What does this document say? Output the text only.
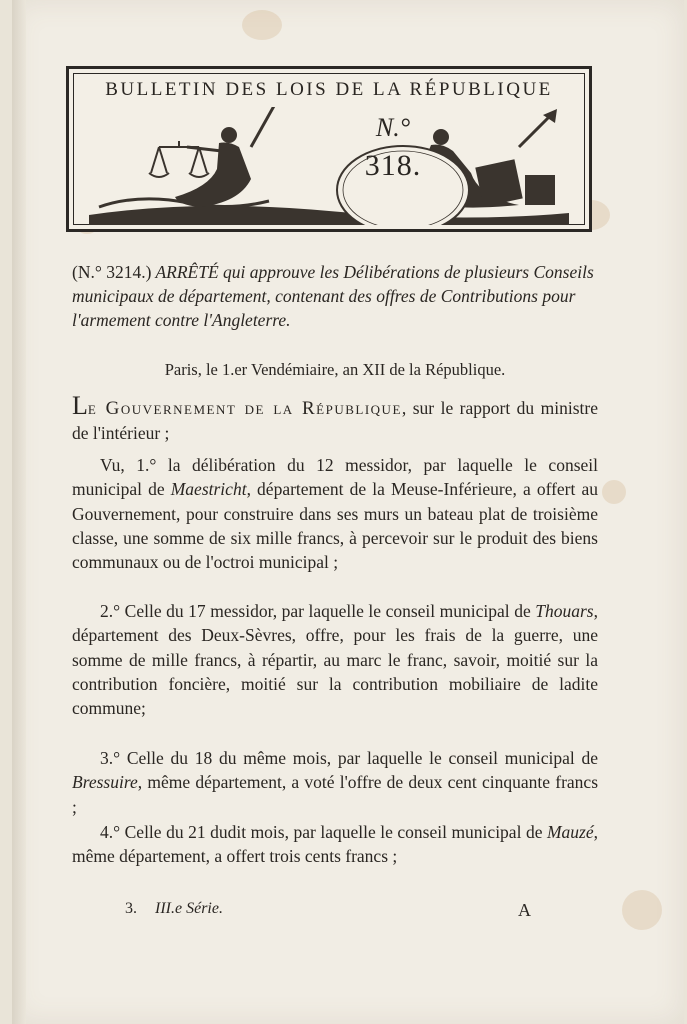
BULLETIN DES LOIS DE LA RÉPUBLIQUE
N.°
318.
(N.° 3214.) ARRÊTÉ qui approuve les Délibérations de plusieurs Conseils municipaux de département, contenant des offres de Contributions pour l'armement contre l'Angleterre.
Paris, le 1.er Vendémiaire, an XII de la République.
Le Gouvernement de la République, sur le rapport du ministre de l'intérieur ;
Vu, 1.° la délibération du 12 messidor, par laquelle le conseil municipal de Maestricht, département de la Meuse-Inférieure, a offert au Gouvernement, pour construire dans ses murs un bateau plat de troisième classe, une somme de six mille francs, à percevoir sur le produit des biens communaux ou de l'octroi municipal ;
2.° Celle du 17 messidor, par laquelle le conseil municipal de Thouars, département des Deux-Sèvres, offre, pour les frais de la guerre, une somme de mille francs, à répartir, au marc le franc, savoir, moitié sur la contribution foncière, moitié sur la contribution mobiliaire de ladite commune;
3.° Celle du 18 du même mois, par laquelle le conseil municipal de Bressuire, même département, a voté l'offre de deux cent cinquante francs ;
4.° Celle du 21 dudit mois, par laquelle le conseil municipal de Mauzé, même département, a offert trois cents francs ;
3. III.e Série.	A
